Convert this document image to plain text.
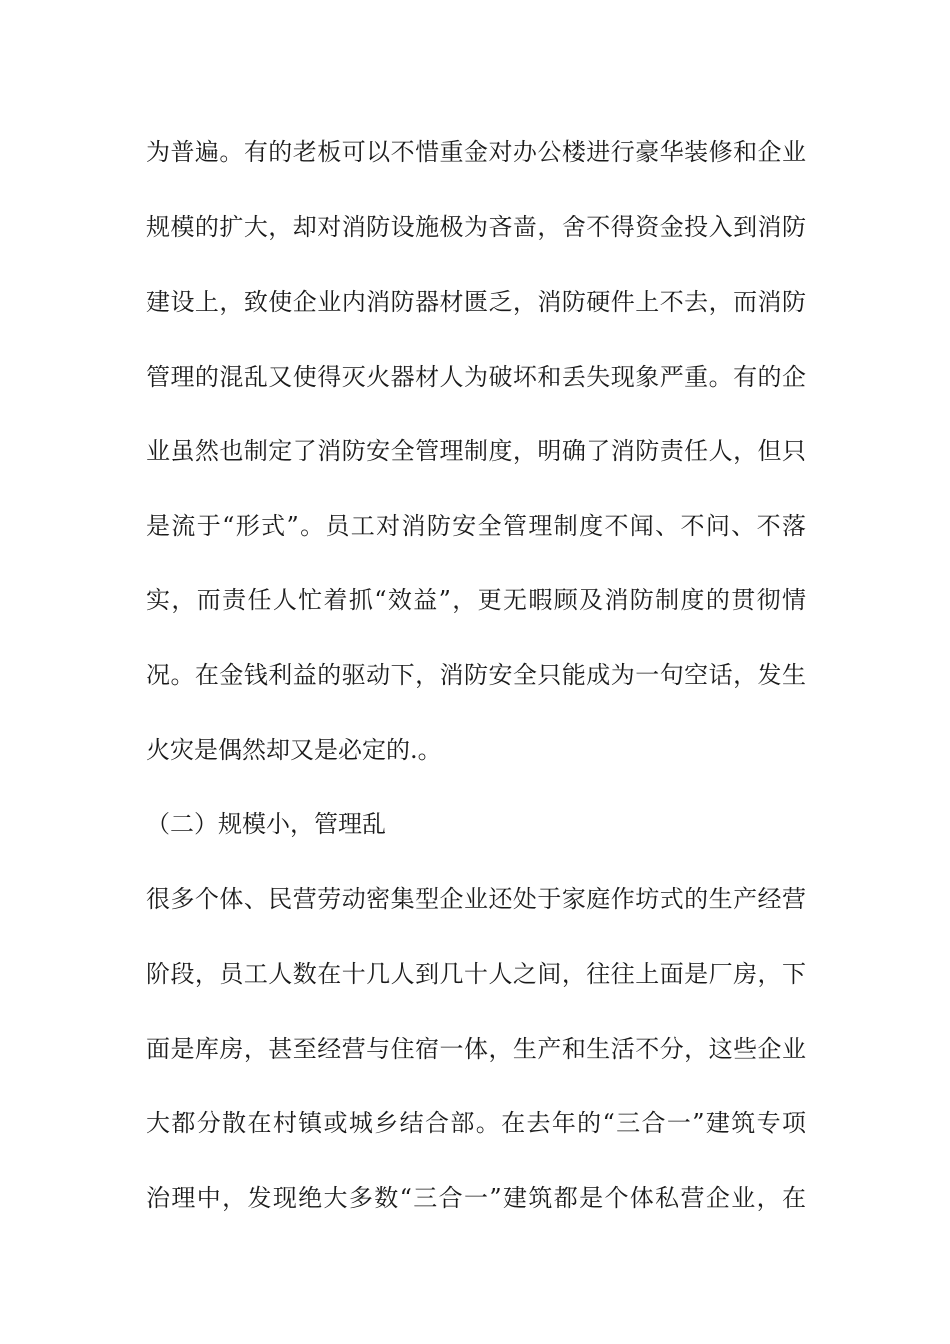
为普遍。有的老板可以不惜重金对办公楼进行豪华装修和企业
规模的扩大，却对消防设施极为吝啬，舍不得资金投入到消防
建设上，致使企业内消防器材匮乏，消防硬件上不去，而消防
管理的混乱又使得灭火器材人为破坏和丢失现象严重。有的企
业虽然也制定了消防安全管理制度，明确了消防责任人，但只
是流于“形式”。员工对消防安全管理制度不闻、不问、不落
实，而责任人忙着抓“效益”，更无暇顾及消防制度的贯彻情
况。在金钱利益的驱动下，消防安全只能成为一句空话，发生
火灾是偶然却又是必定的.。
（二）规模小，管理乱
很多个体、民营劳动密集型企业还处于家庭作坊式的生产经营
阶段，员工人数在十几人到几十人之间，往往上面是厂房，下
面是库房，甚至经营与住宿一体，生产和生活不分，这些企业
大都分散在村镇或城乡结合部。在去年的“三合一”建筑专项
治理中，发现绝大多数“三合一”建筑都是个体私营企业，在
